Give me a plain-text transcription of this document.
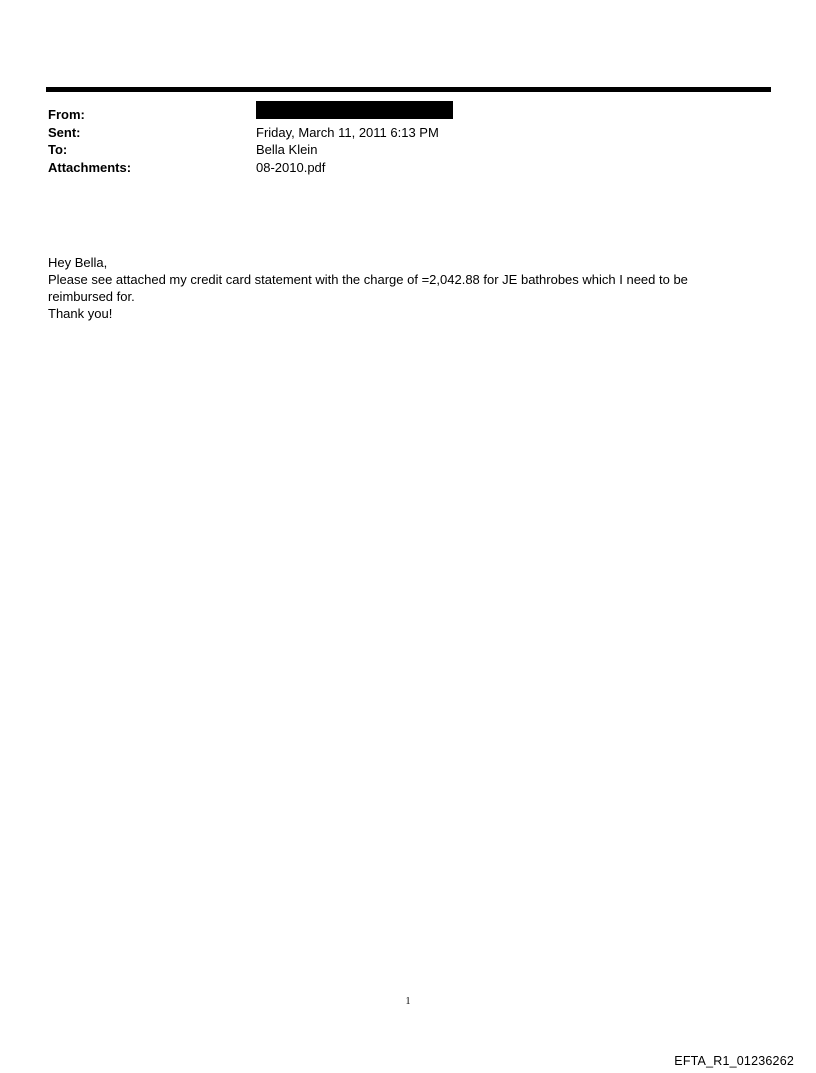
From:
Sent:	Friday, March 11, 2011 6:13 PM
To:	Bella Klein
Attachments:	08-2010.pdf

Hey Bella,

Please see attached my credit card statement with the charge of =2,042.88 for JE bathrobes which I need to be

reimbursed for.

Thank you!

1
EFTA_R1_01236262
